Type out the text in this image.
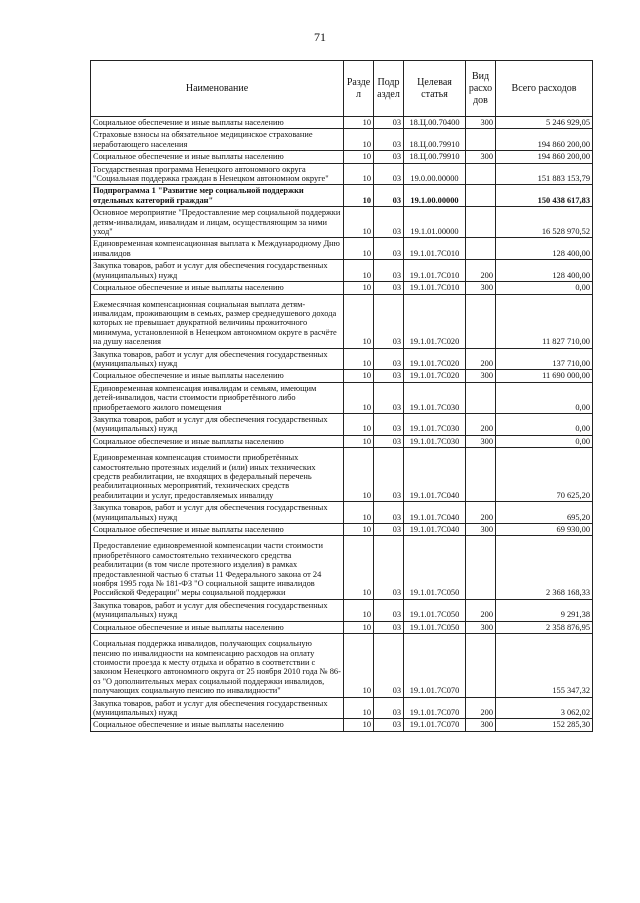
71
Наименование	Разде л	Подр аздел	Целевая статья	Вид расхо дов	Всего расходов
Социальное обеспечение и иные выплаты населению	10	03	18.Ц.00.70400	300	5 246 929,05
Страховые взносы на обязательное медицинское страхование неработающего населения	10	03	18.Ц.00.79910		194 860 200,00
Социальное обеспечение и иные выплаты населению	10	03	18.Ц.00.79910	300	194 860 200,00
Государственная программа Ненецкого автономного округа "Социальная поддержка граждан в Ненецком автономном округе"	10	03	19.0.00.00000		151 883 153,79
Подпрограмма 1 "Развитие мер социальной поддержки отдельных категорий граждан"	10	03	19.1.00.00000		150 438 617,83
Основное мероприятие "Предоставление мер социальной поддержки детям-инвалидам, инвалидам и лицам, осуществляющим за ними уход"	10	03	19.1.01.00000		16 528 970,52
Единовременная компенсационная выплата к Международному Дню инвалидов	10	03	19.1.01.7С010		128 400,00
Закупка товаров, работ и услуг для обеспечения государственных (муниципальных) нужд	10	03	19.1.01.7С010	200	128 400,00
Социальное обеспечение и иные выплаты населению	10	03	19.1.01.7С010	300	0,00
Ежемесячная компенсационная социальная выплата детям-инвалидам, проживающим в семьях, размер среднедушевого дохода которых не превышает двукратной величины прожиточного минимума, установленной в Ненецком автономном округе в расчёте на душу населения	10	03	19.1.01.7С020		11 827 710,00
Закупка товаров, работ и услуг для обеспечения государственных (муниципальных) нужд	10	03	19.1.01.7С020	200	137 710,00
Социальное обеспечение и иные выплаты населению	10	03	19.1.01.7С020	300	11 690 000,00
Единовременная компенсация инвалидам и семьям, имеющим детей-инвалидов, части стоимости приобретённого либо приобретаемого жилого помещения	10	03	19.1.01.7С030		0,00
Закупка товаров, работ и услуг для обеспечения государственных (муниципальных) нужд	10	03	19.1.01.7С030	200	0,00
Социальное обеспечение и иные выплаты населению	10	03	19.1.01.7С030	300	0,00
Единовременная компенсация стоимости приобретённых самостоятельно протезных изделий и (или) иных технических средств реабилитации, не входящих в федеральный перечень реабилитационных мероприятий, технических средств реабилитации и услуг, предоставляемых инвалиду	10	03	19.1.01.7С040		70 625,20
Закупка товаров, работ и услуг для обеспечения государственных (муниципальных) нужд	10	03	19.1.01.7С040	200	695,20
Социальное обеспечение и иные выплаты населению	10	03	19.1.01.7С040	300	69 930,00
Предоставление единовременной компенсации части стоимости приобретённого самостоятельно технического средства реабилитации (в том числе протезного изделия) в рамках предоставленной частью 6 статьи 11 Федерального закона от 24 ноября 1995 года № 181-ФЗ "О социальной защите инвалидов Российской Федерации" меры социальной поддержки	10	03	19.1.01.7С050		2 368 168,33
Закупка товаров, работ и услуг для обеспечения государственных (муниципальных) нужд	10	03	19.1.01.7С050	200	9 291,38
Социальное обеспечение и иные выплаты населению	10	03	19.1.01.7С050	300	2 358 876,95
Социальная поддержка инвалидов, получающих социальную пенсию по инвалидности на компенсацию расходов на оплату стоимости проезда к месту отдыха и обратно в соответствии с законом Ненецкого автономного округа от 25 ноября 2010 года № 86-оз "О дополнительных мерах социальной поддержки инвалидов, получающих социальную пенсию по инвалидности"	10	03	19.1.01.7С070		155 347,32
Закупка товаров, работ и услуг для обеспечения государственных (муниципальных) нужд	10	03	19.1.01.7С070	200	3 062,02
Социальное обеспечение и иные выплаты населению	10	03	19.1.01.7С070	300	152 285,30
